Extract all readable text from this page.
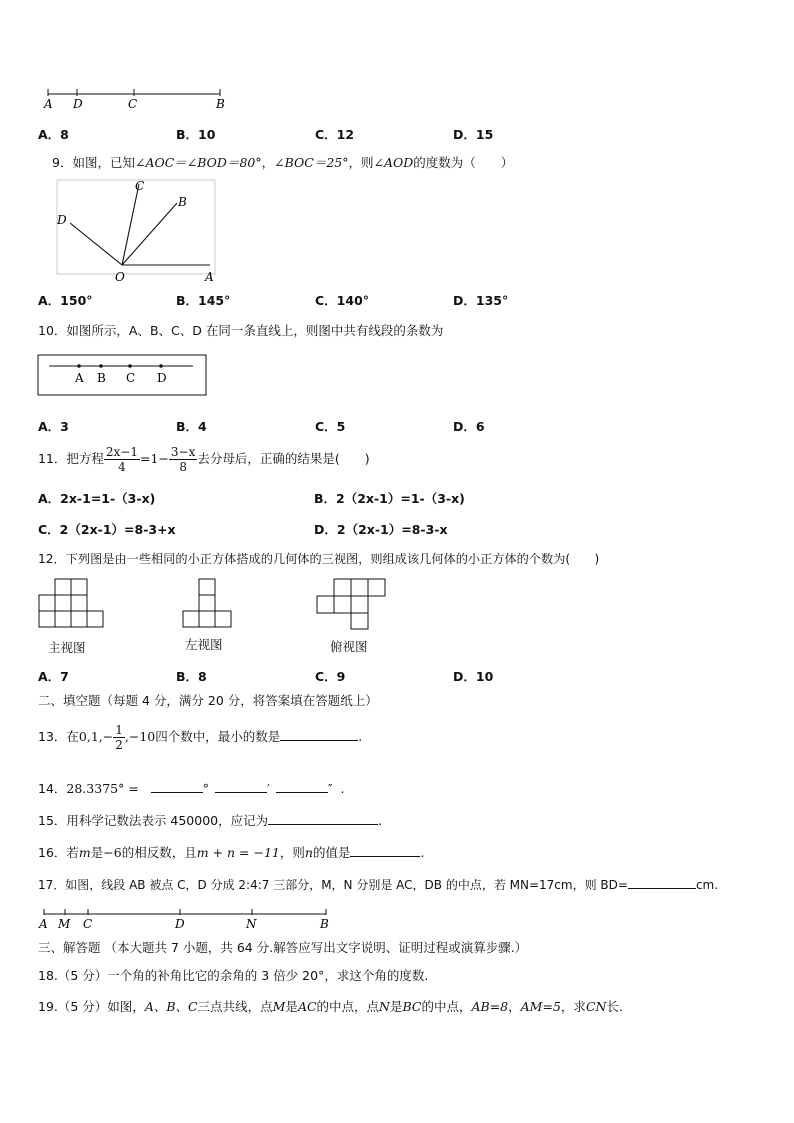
A D	C	B
A．8	B．10	C．12	D．15
9．如图，已知∠AOC＝∠BOD＝80°，∠BOC＝25°，则∠AOD的度数为（　　）
C
B
D
O	A
A．150°	B．145°	C．140°	D．135°
10．如图所示，A、B、C、D 在同一条直线上，则图中共有线段的条数为
A B C D
A．3	B．4	C．5	D．6
11．把方程 $\frac{2x-1}{4} =1- \frac{3-x}{8}$ 去分母后，正确的结果是(　　)
A．2x-1=1-（3-x)	B．2（2x-1）=1-（3-x)
C．2（2x-1）=8-3+x	D．2（2x-1）=8-3-x
12．下列图是由一些相同的小正方体搭成的几何体的三视图，则组成该几何体的小正方体的个数为(　　)
主视图	左视图	俯视图
A．7	B．8	C．9	D．10
二、填空题（每题 4 分，满分 20 分，将答案填在答题纸上）
13．在$0,1,- \frac{1}{2} ,-10$四个数中，最小的数是	.
14．28.3375° =	°	′	″ .
15．用科学记数法表示 450000，应记为	.
16．若m是−6的相反数，且m + n = −11，则n的值是	.
17．如图，线段 AB 被点 C，D 分成 2:4:7 三部分，M，N 分别是 AC，DB 的中点，若 MN=17cm，则 BD=	cm.
A M C	D	N	B
三、解答题 （本大题共 7 小题，共 64 分.解答应写出文字说明、证明过程或演算步骤.）
18.（5 分）一个角的补角比它的余角的 3 倍少 20°，求这个角的度数.
19.（5 分）如图，A、B、C三点共线，点M是AC的中点，点N是BC的中点，AB=8，AM=5，求CN长.
